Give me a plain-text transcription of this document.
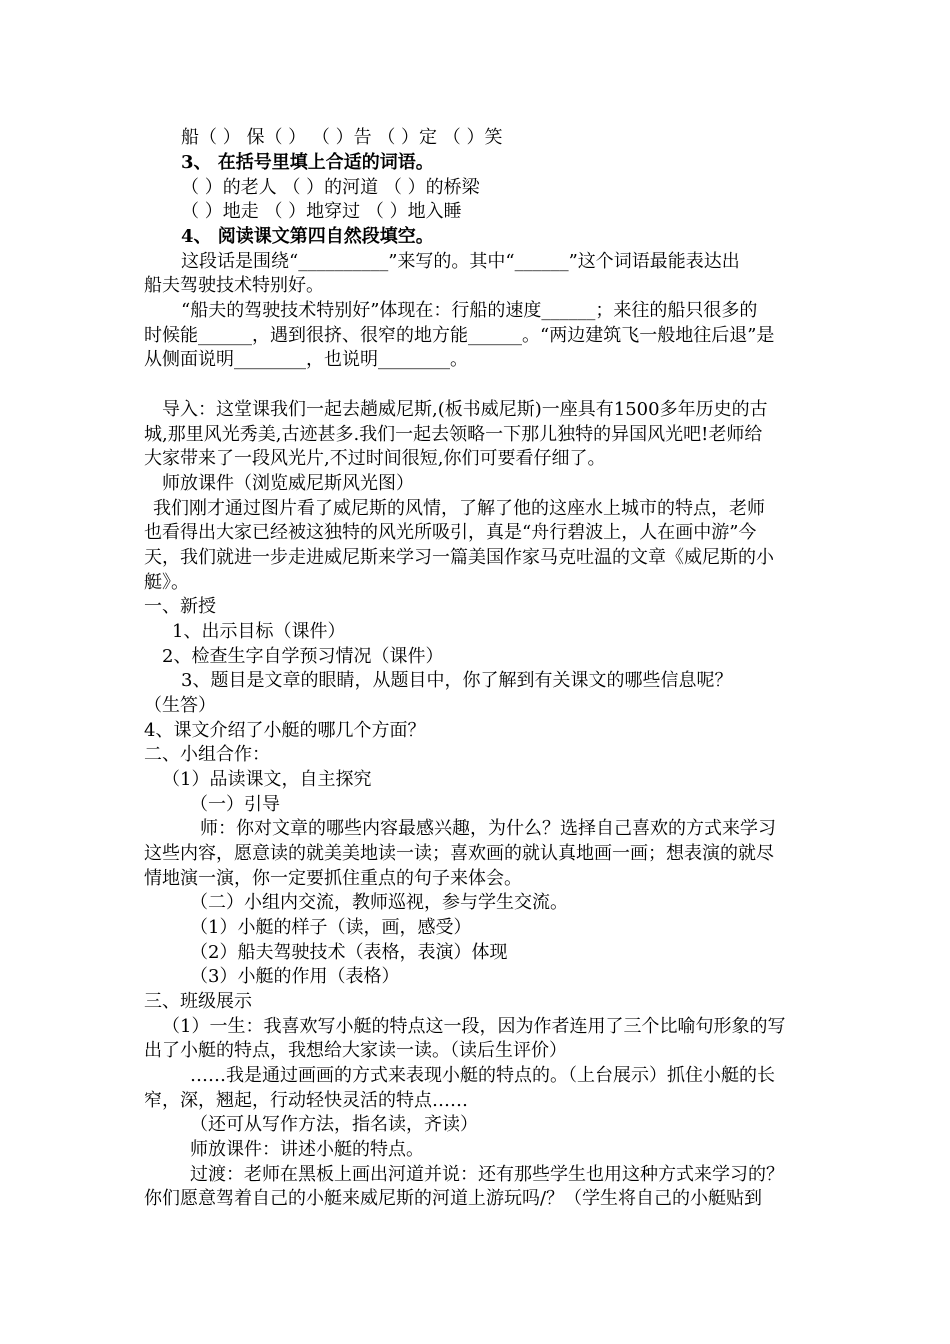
船（ ） 保（ ） （ ）告 （ ）定 （ ）笑
3、 在括号里填上合适的词语。
（ ）的老人 （ ）的河道 （ ）的桥梁
（ ）地走 （ ）地穿过 （ ）地入睡
4、 阅读课文第四自然段填空。
这段话是围绕“__________”来写的。其中“______”这个词语最能表达出
船夫驾驶技术特别好。
“船夫的驾驶技术特别好”体现在：行船的速度______；来往的船只很多的
时候能______，遇到很挤、很窄的地方能______。“两边建筑飞一般地往后退”是
从侧面说明________，也说明________。
导入：这堂课我们一起去趟威尼斯,(板书威尼斯)一座具有1500多年历史的古
城,那里风光秀美,古迹甚多.我们一起去领略一下那儿独特的异国风光吧!老师给
大家带来了一段风光片,不过时间很短,你们可要看仔细了。
师放课件（浏览威尼斯风光图）
我们刚才通过图片看了威尼斯的风情，了解了他的这座水上城市的特点，老师
也看得出大家已经被这独特的风光所吸引，真是“舟行碧波上，人在画中游”今
天，我们就进一步走进威尼斯来学习一篇美国作家马克吐温的文章《威尼斯的小
艇》。
一、新授
1、出示目标（课件）
2、检查生字自学预习情况（课件）
3、题目是文章的眼睛，从题目中，你了解到有关课文的哪些信息呢？
（生答）
4、课文介绍了小艇的哪几个方面？
二、小组合作：
（1）品读课文，自主探究
（一）引导
师：你对文章的哪些内容最感兴趣，为什么？选择自己喜欢的方式来学习
这些内容，愿意读的就美美地读一读；喜欢画的就认真地画一画；想表演的就尽
情地演一演，你一定要抓住重点的句子来体会。
（二）小组内交流，教师巡视，参与学生交流。
（1）小艇的样子（读，画，感受）
（2）船夫驾驶技术（表格，表演）体现
（3）小艇的作用（表格）
三、班级展示
（1）一生：我喜欢写小艇的特点这一段，因为作者连用了三个比喻句形象的写
出了小艇的特点，我想给大家读一读。（读后生评价）
……我是通过画画的方式来表现小艇的特点的。（上台展示）抓住小艇的长
窄，深，翘起，行动轻快灵活的特点……
（还可从写作方法，指名读，齐读）
师放课件：讲述小艇的特点。
过渡：老师在黑板上画出河道并说：还有那些学生也用这种方式来学习的？
你们愿意驾着自己的小艇来威尼斯的河道上游玩吗/？（学生将自己的小艇贴到
